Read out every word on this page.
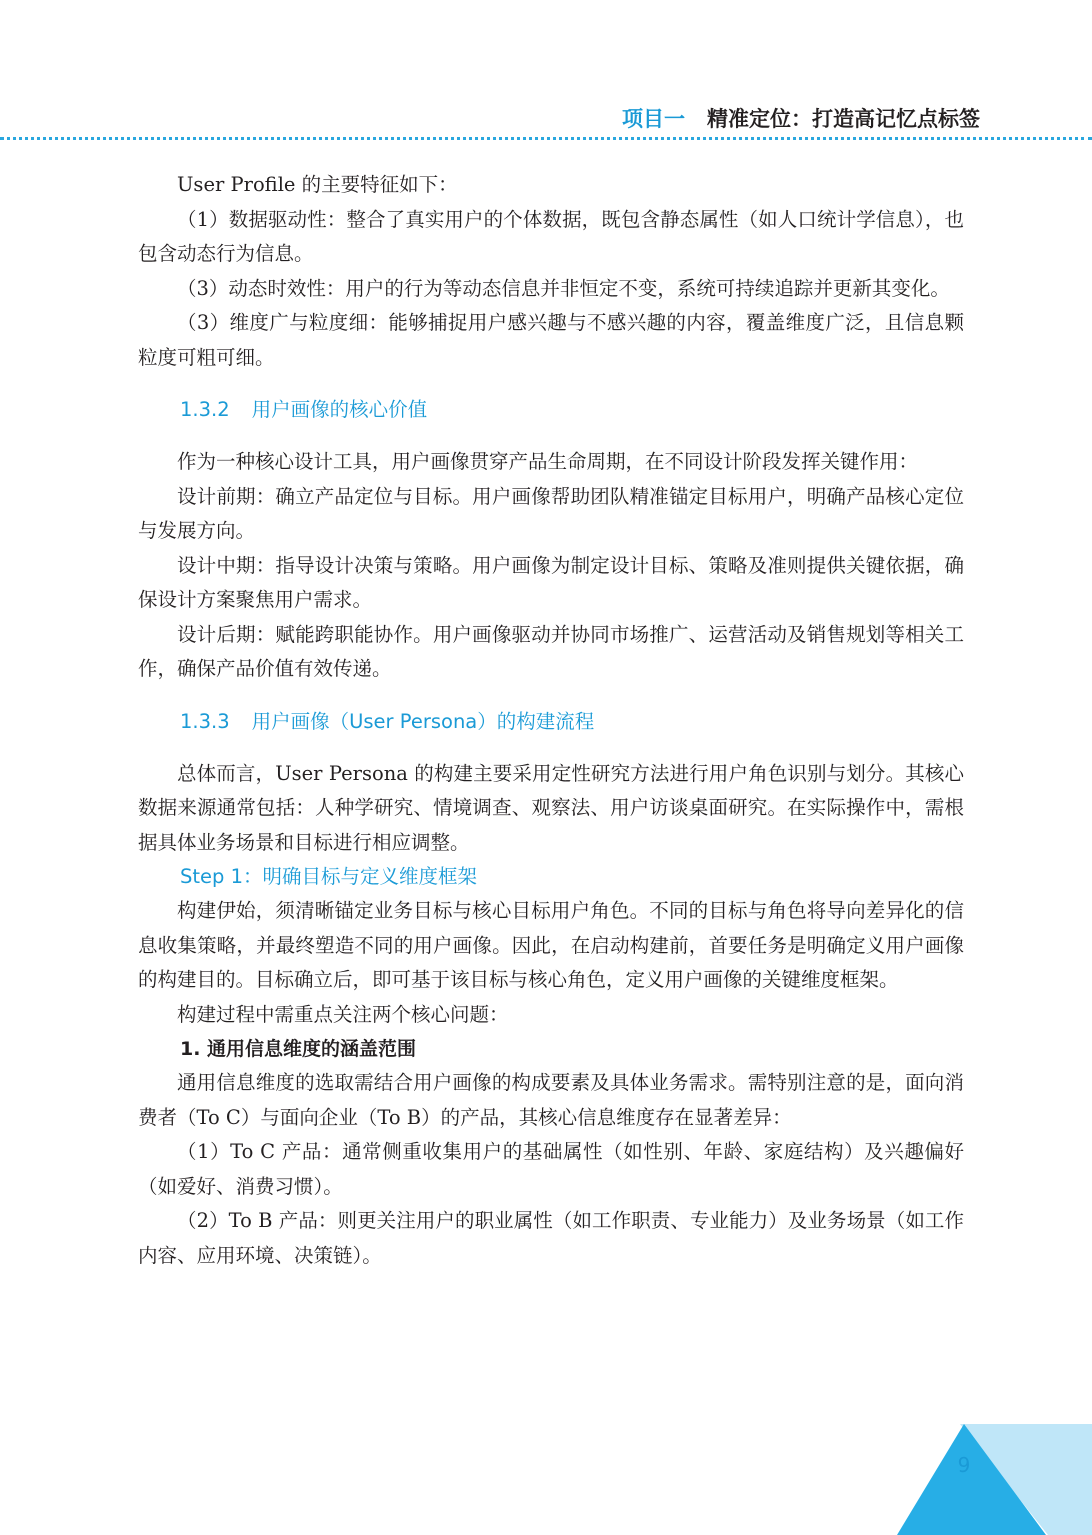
项目一 精准定位：打造高记忆点标签

User Profile 的主要特征如下：

（1）数据驱动性：整合了真实用户的个体数据，既包含静态属性（如人口统计学信息），也包含动态行为信息。

（3）动态时效性：用户的行为等动态信息并非恒定不变，系统可持续追踪并更新其变化。

（3）维度广与粒度细：能够捕捉用户感兴趣与不感兴趣的内容，覆盖维度广泛，且信息颗粒度可粗可细。

1.3.2 用户画像的核心价值

作为一种核心设计工具，用户画像贯穿产品生命周期，在不同设计阶段发挥关键作用：

设计前期：确立产品定位与目标。用户画像帮助团队精准锚定目标用户，明确产品核心定位与发展方向。

设计中期：指导设计决策与策略。用户画像为制定设计目标、策略及准则提供关键依据，确保设计方案聚焦用户需求。

设计后期：赋能跨职能协作。用户画像驱动并协同市场推广、运营活动及销售规划等相关工作，确保产品价值有效传递。

1.3.3 用户画像（User Persona）的构建流程

总体而言，User Persona 的构建主要采用定性研究方法进行用户角色识别与划分。其核心数据来源通常包括：人种学研究、情境调查、观察法、用户访谈桌面研究。在实际操作中，需根据具体业务场景和目标进行相应调整。

Step 1：明确目标与定义维度框架

构建伊始，须清晰锚定业务目标与核心目标用户角色。不同的目标与角色将导向差异化的信息收集策略，并最终塑造不同的用户画像。因此，在启动构建前，首要任务是明确定义用户画像的构建目的。目标确立后，即可基于该目标与核心角色，定义用户画像的关键维度框架。

构建过程中需重点关注两个核心问题：

1. 通用信息维度的涵盖范围

通用信息维度的选取需结合用户画像的构成要素及具体业务需求。需特别注意的是，面向消费者（To C）与面向企业（To B）的产品，其核心信息维度存在显著差异：

（1）To C 产品：通常侧重收集用户的基础属性（如性别、年龄、家庭结构）及兴趣偏好（如爱好、消费习惯）。

（2）To B 产品：则更关注用户的职业属性（如工作职责、专业能力）及业务场景（如工作内容、应用环境、决策链）。

9
